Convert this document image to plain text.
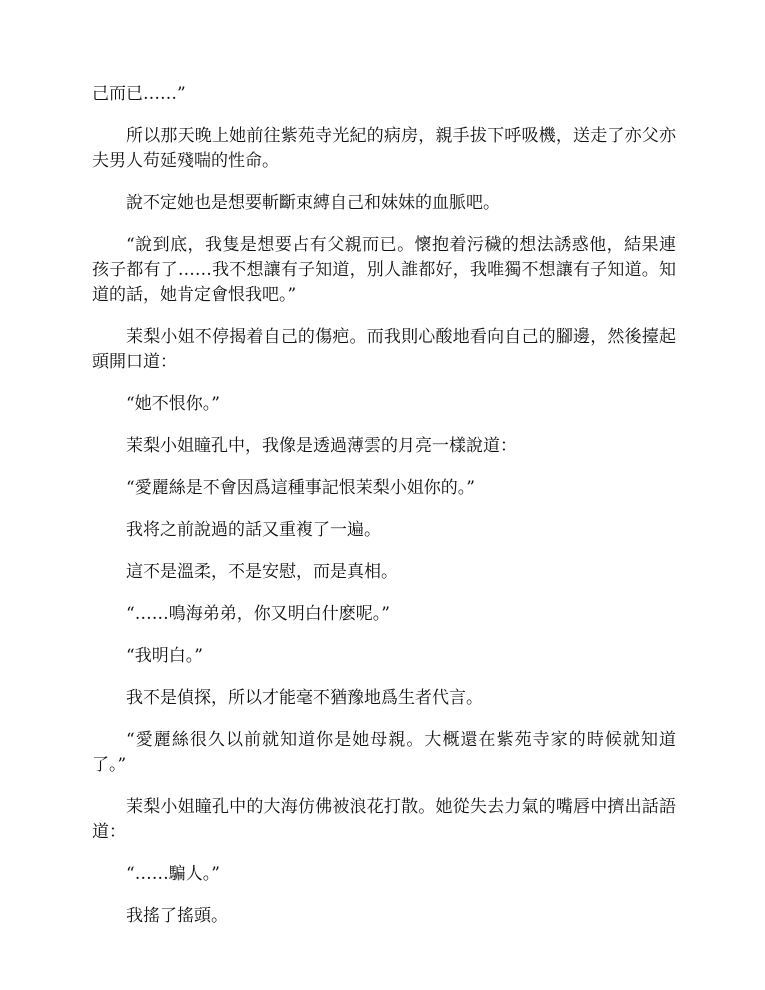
己而已……”

所以那天晚上她前往紫苑寺光紀的病房，親手拔下呼吸機，送走了亦父亦夫男人苟延殘喘的性命。

說不定她也是想要斬斷束縛自己和妹妹的血脈吧。

“說到底，我隻是想要占有父親而已。懷抱着污穢的想法誘惑他，結果連孩子都有了……我不想讓有子知道，別人誰都好，我唯獨不想讓有子知道。知道的話，她肯定會恨我吧。”

茉梨小姐不停揭着自己的傷疤。而我則心酸地看向自己的腳邊，然後擡起頭開口道：

“她不恨你。”

茉梨小姐瞳孔中，我像是透過薄雲的月亮一樣說道：

“愛麗絲是不會因爲這種事記恨茉梨小姐你的。”

我将之前說過的話又重複了一遍。

這不是溫柔，不是安慰，而是真相。

“……鳴海弟弟，你又明白什麽呢。”

“我明白。”

我不是偵探，所以才能毫不猶豫地爲生者代言。

“愛麗絲很久以前就知道你是她母親。大概還在紫苑寺家的時候就知道了。”

茉梨小姐瞳孔中的大海仿佛被浪花打散。她從失去力氣的嘴唇中擠出話語道：

“……騙人。”

我搖了搖頭。
